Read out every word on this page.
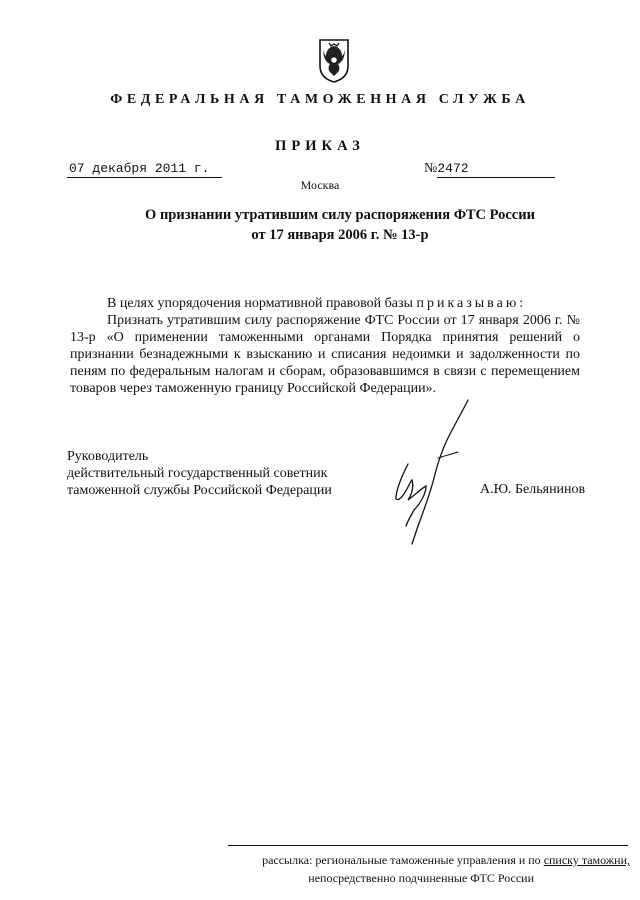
ФЕДЕРАЛЬНАЯ ТАМОЖЕННАЯ СЛУЖБА
ПРИКАЗ
07 декабря 2011 г.	№2472
Москва
О признании утратившим силу распоряжения ФТС России
от 17 января 2006 г. № 13-р

В целях упорядочения нормативной правовой базы приказываю:

Признать утратившим силу распоряжение ФТС России от 17 января 2006 г. № 13-р «О применении таможенными органами Порядка принятия решений о признании безнадежными к взысканию и списания недоимки и задолженности по пеням по федеральным налогам и сборам, образовавшимся в связи с перемещением товаров через таможенную границу Российской Федерации».

Руководитель
действительный государственный советник
таможенной службы Российской Федерации	А.Ю. Бельянинов
рассылка: региональные таможенные управления и по списку таможни,
непосредственно подчиненные ФТС России
